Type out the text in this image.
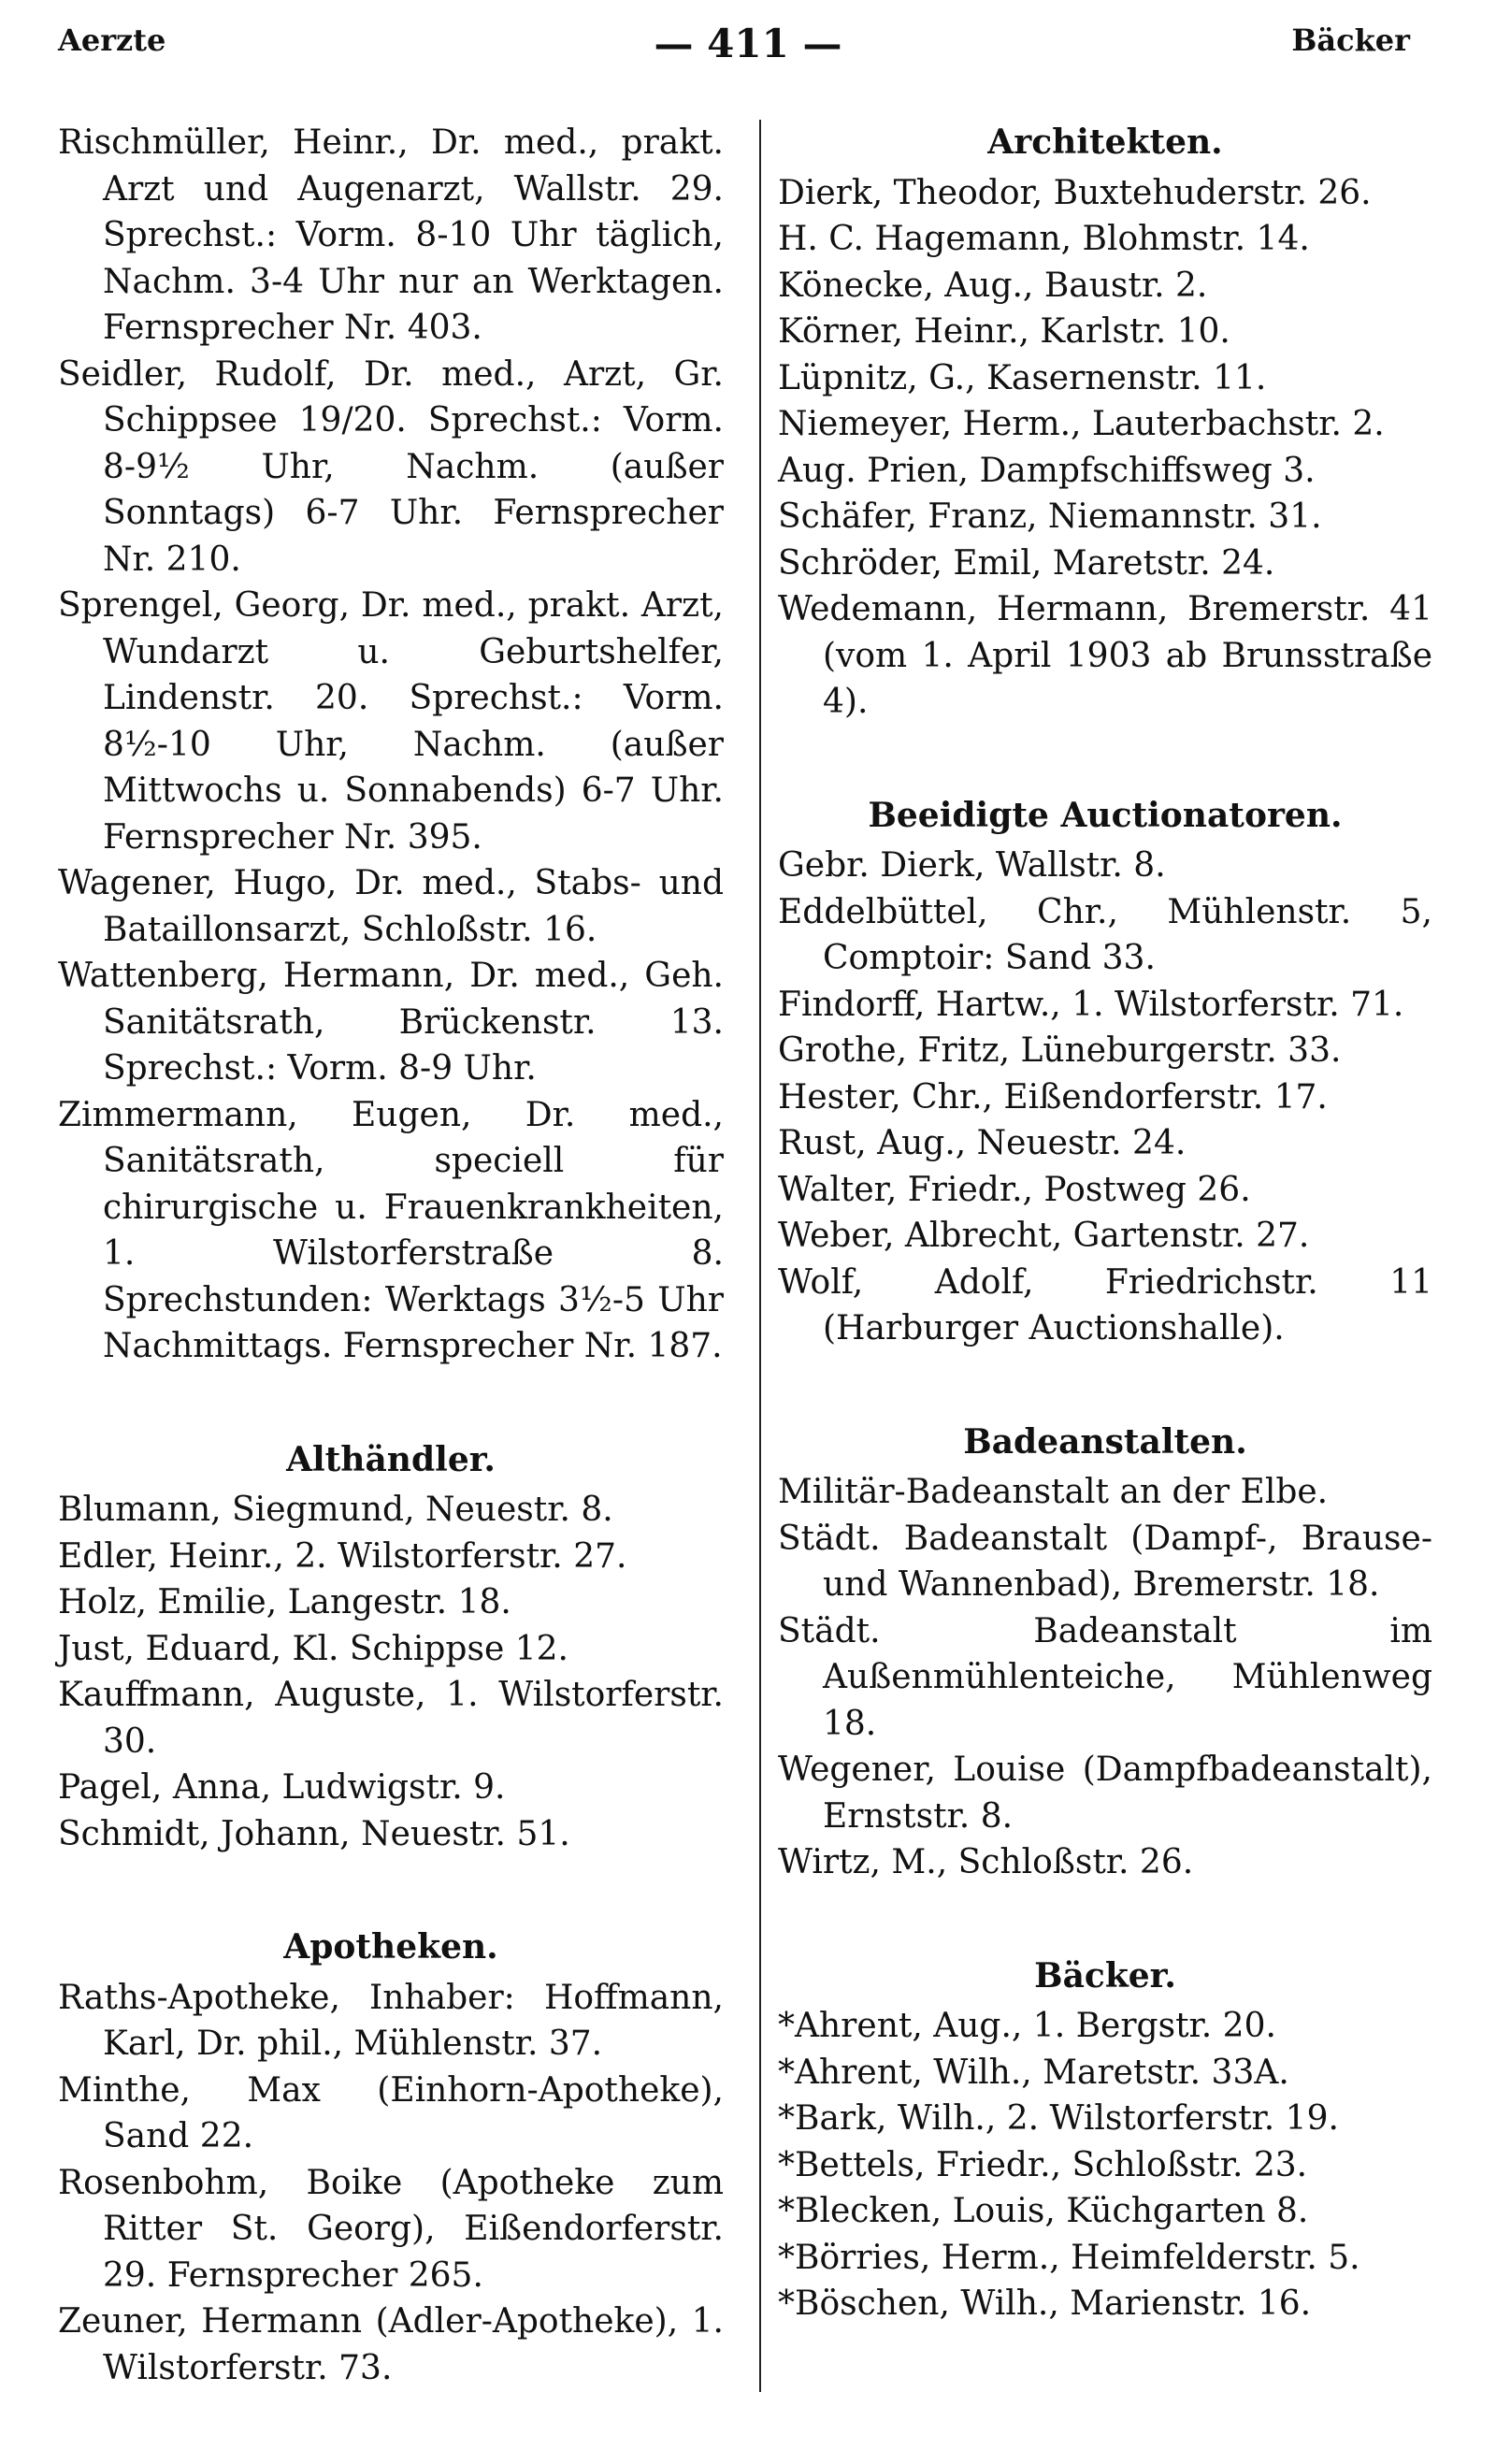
Aerzte	— 411 —	Bäcker
Rischmüller, Heinr., Dr. med., prakt. Arzt und Augenarzt, Wallstr. 29. Sprechst.: Vorm. 8-10 Uhr täglich, Nachm. 3-4 Uhr nur an Werktagen. Fernsprecher Nr. 403.
Seidler, Rudolf, Dr. med., Arzt, Gr. Schippsee 19/20. Sprechst.: Vorm. 8-9½ Uhr, Nachm. (außer Sonntags) 6-7 Uhr. Fernsprecher Nr. 210.
Sprengel, Georg, Dr. med., prakt. Arzt, Wundarzt u. Geburtshelfer, Lindenstr. 20. Sprechst.: Vorm. 8½-10 Uhr, Nachm. (außer Mittwochs u. Sonnabends) 6-7 Uhr. Fernsprecher Nr. 395.
Wagener, Hugo, Dr. med., Stabs- und Bataillonsarzt, Schloßstr. 16.
Wattenberg, Hermann, Dr. med., Geh. Sanitätsrath, Brückenstr. 13. Sprechst.: Vorm. 8-9 Uhr.
Zimmermann, Eugen, Dr. med., Sanitätsrath, speciell für chirurgische u. Frauenkrankheiten, 1. Wilstorferstraße 8. Sprechstunden: Werktags 3½-5 Uhr Nachmittags. Fernsprecher Nr. 187.
Althändler.
Blumann, Siegmund, Neuestr. 8.
Edler, Heinr., 2. Wilstorferstr. 27.
Holz, Emilie, Langestr. 18.
Just, Eduard, Kl. Schippse 12.
Kauffmann, Auguste, 1. Wilstorferstr. 30.
Pagel, Anna, Ludwigstr. 9.
Schmidt, Johann, Neuestr. 51.
Apotheken.
Raths-Apotheke, Inhaber: Hoffmann, Karl, Dr. phil., Mühlenstr. 37.
Minthe, Max (Einhorn-Apotheke), Sand 22.
Rosenbohm, Boike (Apotheke zum Ritter St. Georg), Eißendorferstr. 29. Fernsprecher 265.
Zeuner, Hermann (Adler-Apotheke), 1. Wilstorferstr. 73.
Architekten.
Dierk, Theodor, Buxtehuderstr. 26.
H. C. Hagemann, Blohmstr. 14.
Könecke, Aug., Baustr. 2.
Körner, Heinr., Karlstr. 10.
Lüpnitz, G., Kasernenstr. 11.
Niemeyer, Herm., Lauterbachstr. 2.
Aug. Prien, Dampfschiffsweg 3.
Schäfer, Franz, Niemannstr. 31.
Schröder, Emil, Maretstr. 24.
Wedemann, Hermann, Bremerstr. 41 (vom 1. April 1903 ab Brunsstraße 4).
Beeidigte Auctionatoren.
Gebr. Dierk, Wallstr. 8.
Eddelbüttel, Chr., Mühlenstr. 5, Comptoir: Sand 33.
Findorff, Hartw., 1. Wilstorferstr. 71.
Grothe, Fritz, Lüneburgerstr. 33.
Hester, Chr., Eißendorferstr. 17.
Rust, Aug., Neuestr. 24.
Walter, Friedr., Postweg 26.
Weber, Albrecht, Gartenstr. 27.
Wolf, Adolf, Friedrichstr. 11 (Harburger Auctionshalle).
Badeanstalten.
Militär-Badeanstalt an der Elbe.
Städt. Badeanstalt (Dampf-, Brause- und Wannenbad), Bremerstr. 18.
Städt. Badeanstalt im Außenmühlenteiche, Mühlenweg 18.
Wegener, Louise (Dampfbadeanstalt), Ernststr. 8.
Wirtz, M., Schloßstr. 26.
Bäcker.
*Ahrent, Aug., 1. Bergstr. 20.
*Ahrent, Wilh., Maretstr. 33A.
*Bark, Wilh., 2. Wilstorferstr. 19.
*Bettels, Friedr., Schloßstr. 23.
*Blecken, Louis, Küchgarten 8.
*Börries, Herm., Heimfelderstr. 5.
*Böschen, Wilh., Marienstr. 16.
